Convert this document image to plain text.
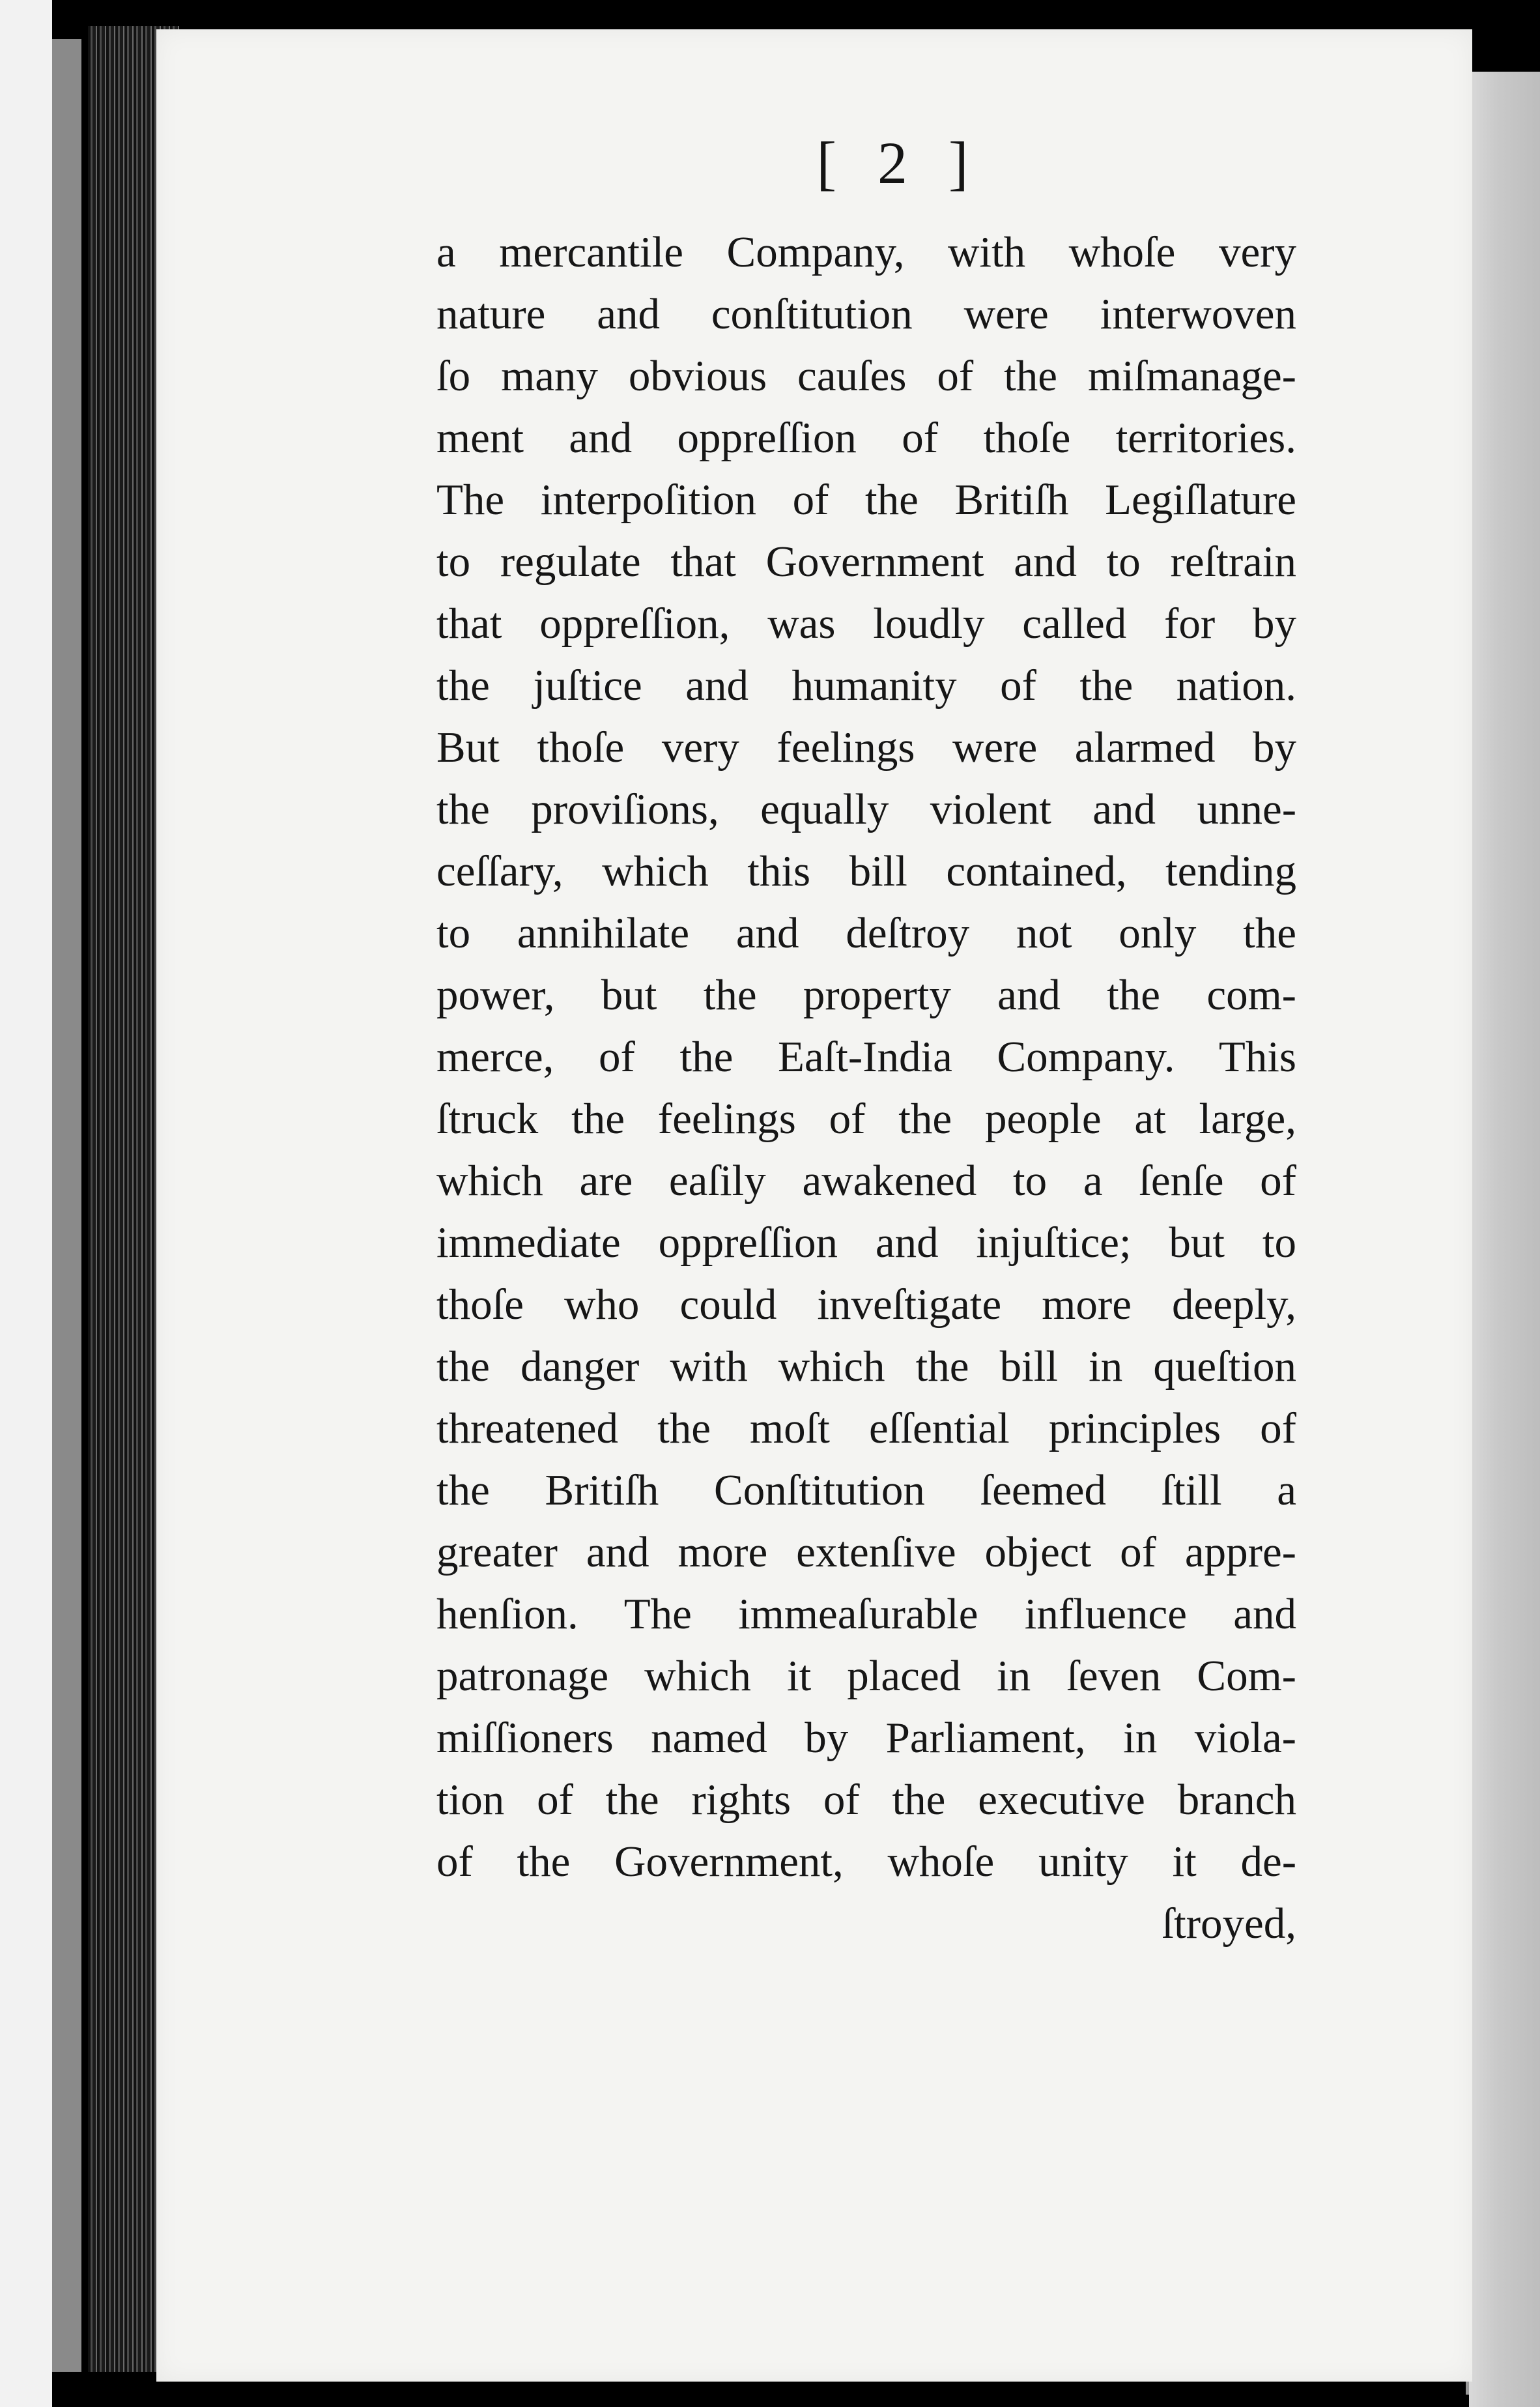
[ 2 ]
a mercantile Company, with whoſe very
nature and conſtitution were interwoven
ſo many obvious cauſes of the miſmanage-
ment and oppreſſion of thoſe territories.
The interpoſition of the Britiſh Legiſlature
to regulate that Government and to reſtrain
that oppreſſion, was loudly called for by
the juſtice and humanity of the nation.
But thoſe very feelings were alarmed by
the proviſions, equally violent and unne-
ceſſary, which this bill contained, tending
to annihilate and deſtroy not only the
power, but the property and the com-
merce, of the Eaſt-India Company. This
ſtruck the feelings of the people at large,
which are eaſily awakened to a ſenſe of
immediate oppreſſion and injuſtice; but to
thoſe who could inveſtigate more deeply,
the danger with which the bill in queſtion
threatened the moſt eſſential principles of
the Britiſh Conſtitution ſeemed ſtill a
greater and more extenſive object of appre-
henſion. The immeaſurable influence and
patronage which it placed in ſeven Com-
miſſioners named by Parliament, in viola-
tion of the rights of the executive branch
of the Government, whoſe unity it de-
ſtroyed,
